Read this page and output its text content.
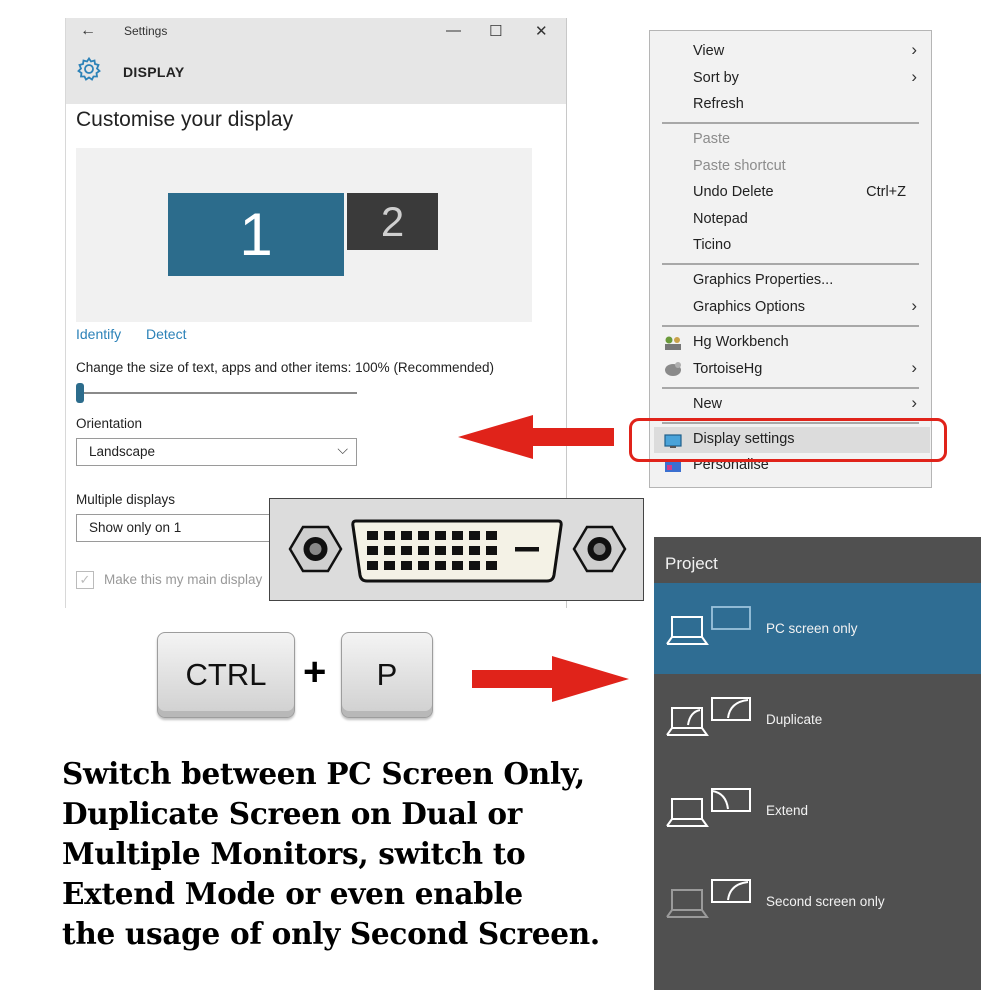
← Settings	— ☐ ✕
DISPLAY
Customise your display
1	2
Identify Detect
Change the size of text, apps and other items: 100% (Recommended)
Orientation
Landscape	⌵
Multiple displays
Show only on 1
✓ Make this my main display
View	›
Sort by	›
Refresh
Paste
Paste shortcut
Undo Delete	Ctrl+Z
Notepad
Ticino
Graphics Properties...
Graphics Options	›
Hg Workbench
TortoiseHg	›
New	›
Display settings
Personalise
CTRL +	P
Switch between PC Screen Only,
Duplicate Screen on Dual or
Multiple Monitors, switch to
Extend Mode or even enable
the usage of only Second Screen.
Project
PC screen only
Duplicate
Extend
Second screen only
